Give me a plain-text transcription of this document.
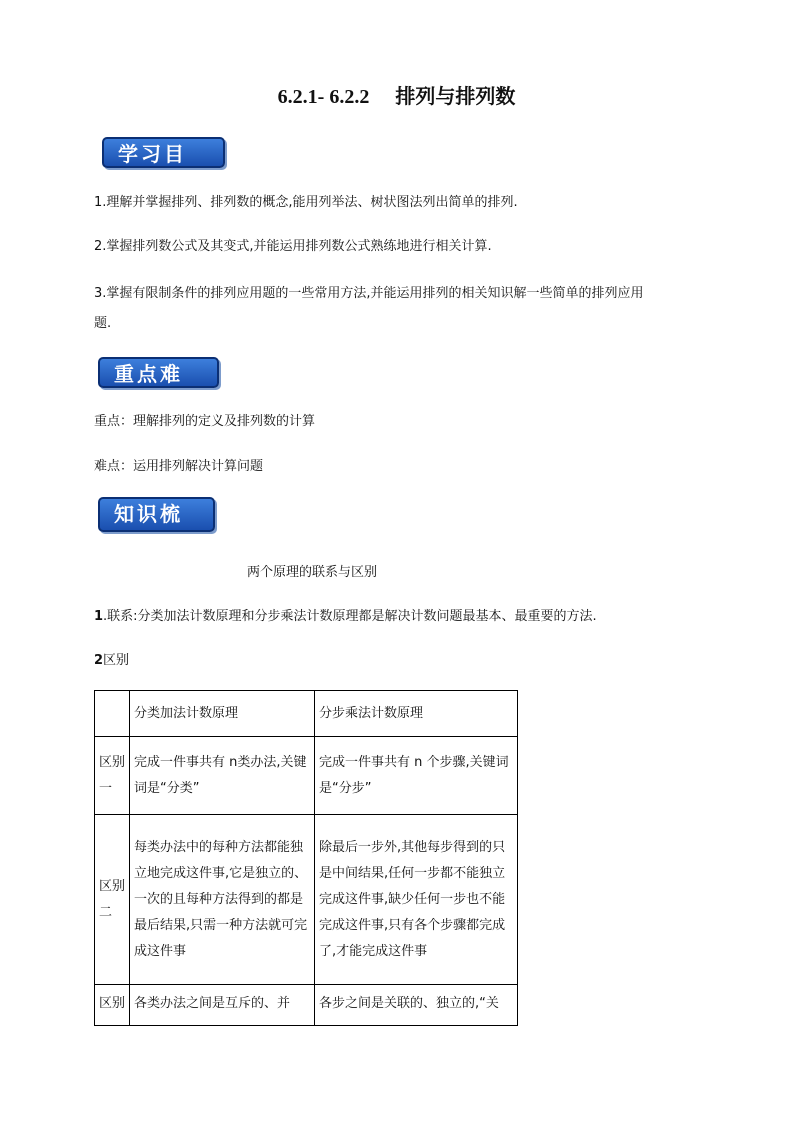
6.2.1- 6.2.2 排列与排列数
学习目标
1.理解并掌握排列、排列数的概念,能用列举法、树状图法列出简单的排列.
2.掌握排列数公式及其变式,并能运用排列数公式熟练地进行相关计算.
3.掌握有限制条件的排列应用题的一些常用方法,并能运用排列的相关知识解一些简单的排列应用
题.
重点难点
重点：理解排列的定义及排列数的计算
难点：运用排列解决计算问题
知识梳理
两个原理的联系与区别
1.联系:分类加法计数原理和分步乘法计数原理都是解决计数问题最基本、最重要的方法.
2区别
	分类加法计数原理	分步乘法计数原理
区别一	完成一件事共有 n类办法,关键词是“分类”	完成一件事共有 n 个步骤,关键词是“分步”
区别二	每类办法中的每种方法都能独立地完成这件事,它是独立的、一次的且每种方法得到的都是最后结果,只需一种方法就可完成这件事	除最后一步外,其他每步得到的只是中间结果,任何一步都不能独立完成这件事,缺少任何一步也不能完成这件事,只有各个步骤都完成了,才能完成这件事

区别	各类办法之间是互斥的、并	各步之间是关联的、独立的,“关
